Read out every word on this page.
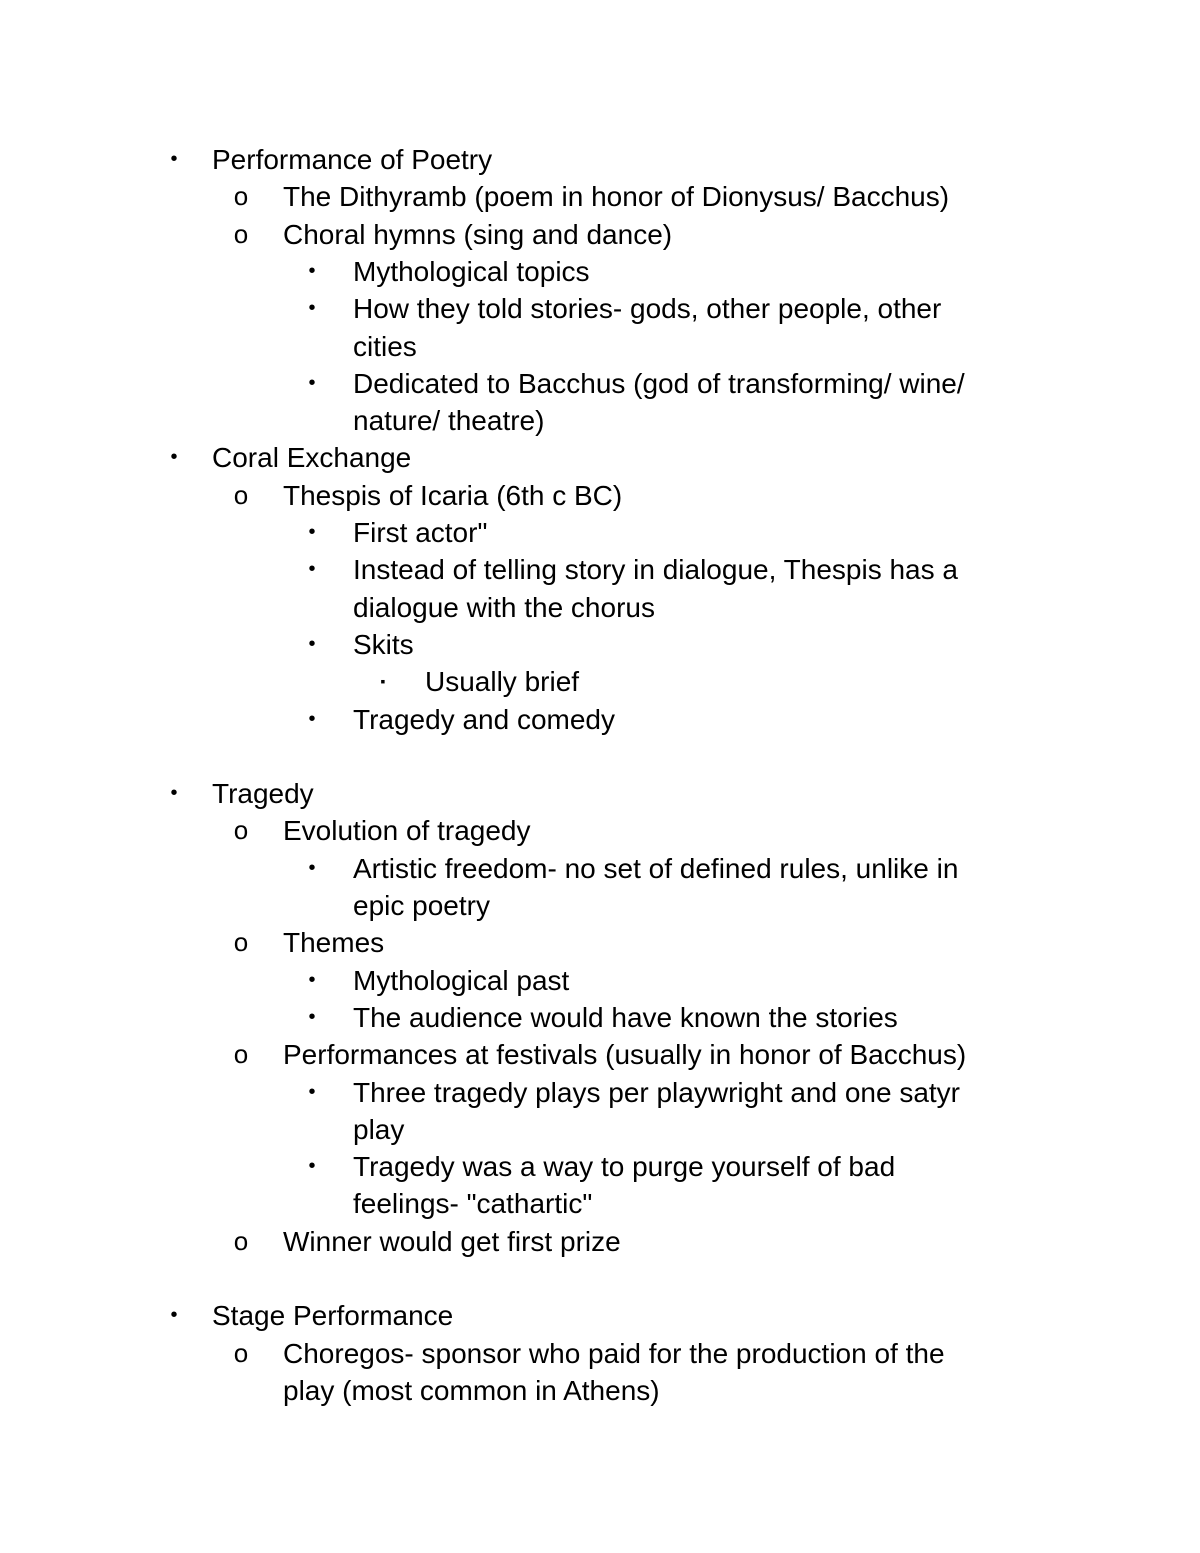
•	Performance of Poetry
o The Dithyramb (poem in honor of Dionysus/ Bacchus)
o Choral hymns (sing and dance)
•	Mythological topics
•	How they told stories- gods, other people, other
cities
•	Dedicated to Bacchus (god of transforming/ wine/
nature/ theatre)
•	Coral Exchange
o Thespis of Icaria (6th c BC)
•	First actor"
•	Instead of telling story in dialogue, Thespis has a
dialogue with the chorus
•	Skits
▪	Usually brief
•	Tragedy and comedy
•	Tragedy
o Evolution of tragedy
•	Artistic freedom- no set of defined rules, unlike in
epic poetry
o Themes
•	Mythological past
•	The audience would have known the stories
o Performances at festivals (usually in honor of Bacchus)
•	Three tragedy plays per playwright and one satyr
play
•	Tragedy was a way to purge yourself of bad
feelings- "cathartic"
o Winner would get first prize
•	Stage Performance
o Choregos- sponsor who paid for the production of the
play (most common in Athens)
